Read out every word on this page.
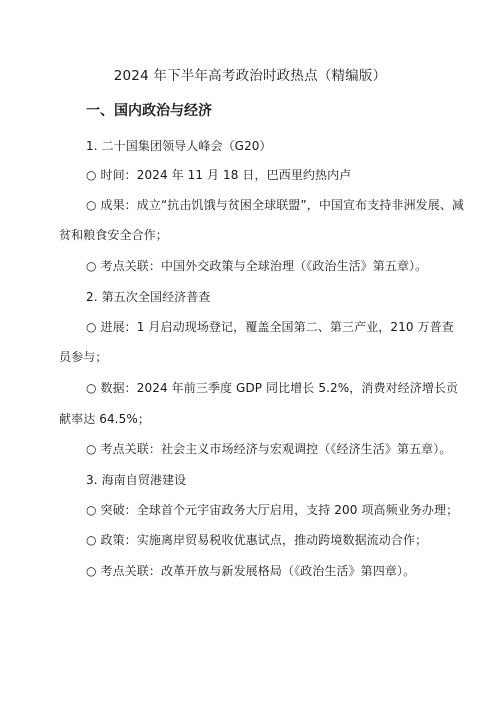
2024 年下半年高考政治时政热点（精编版）
一、国内政治与经济
1. 二十国集团领导人峰会（G20）
○ 时间：2024 年 11 月 18 日，巴西里约热内卢
○ 成果：成立“抗击饥饿与贫困全球联盟”，中国宣布支持非洲发展、减
贫和粮食安全合作；
○ 考点关联：中国外交政策与全球治理（《政治生活》第五章）。
2. 第五次全国经济普查
○ 进展：1 月启动现场登记，覆盖全国第二、第三产业，210 万普查
员参与；
○ 数据：2024 年前三季度 GDP 同比增长 5.2%，消费对经济增长贡
献率达 64.5%；
○ 考点关联：社会主义市场经济与宏观调控（《经济生活》第五章）。
3. 海南自贸港建设
○ 突破：全球首个元宇宙政务大厅启用，支持 200 项高频业务办理；
○ 政策：实施离岸贸易税收优惠试点，推动跨境数据流动合作；
○ 考点关联：改革开放与新发展格局（《政治生活》第四章）。
